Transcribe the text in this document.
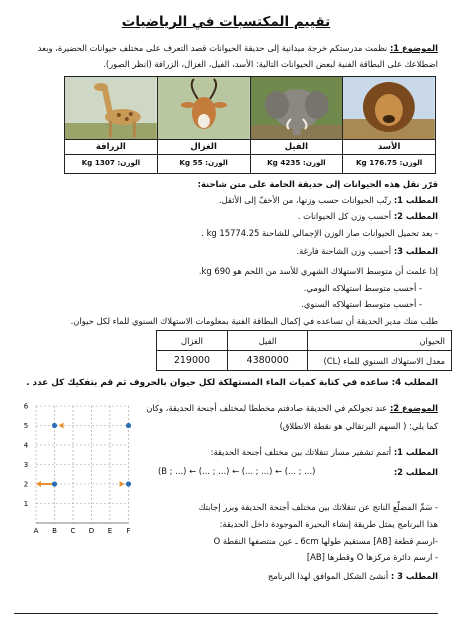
تقييم المكتسبات في الرياضيات
الموضوع 1: نظمت مدرستكم خرجة ميدانية إلى حديقة الحيوانات قصد التعرف على مختلف حيوانات الحضيرة، وبعد
اضطلاعك على البطاقة الفنية لبعض الحيوانات التالية: الأسد، الفيل، الغزال، الزرافة (انظر الصور).
الأسد
الوزن: 176.75 Kg
الفيل
الوزن: 4235 Kg
الغزال
الوزن: 55 Kg
الزرافة
الوزن: 1307 Kg
قرّر نقل هذه الحيوانات إلى حديقة الحامة على متن شاحنة:
المطلب 1: رتّب الحيوانات حسب وزنها، من الأخفّ إلى الأثقل.
المطلب 2: أحسب وزن كل الحيوانات .
- بعد تحميل الحيوانات صار الوزن الإجمالي للشاحنة 15774.25 kg .
المطلب 3: أحسب وزن الشاحنة فارغة.
إذا علمت أن متوسط الاستهلاك الشهري للأسد من اللحم هو 690 kg.
- أحسب متوسط استهلاكه اليومي.
- أحسب متوسط استهلاكه السنوي.
طلب منك مدير الحديقة أن تساعده في إكمال البطاقة الفنية بمعلومات الاستهلاك السنوي للماء لكل حيوان.
الحيوان	الفيل	الغزال
معدل الاستهلاك السنوي للماء (CL)	4380000	219000
المطلب 4: ساعده في كتابة كميات الماء المستهلكة لكل حيوان بالحروف ثم قم بتفكيك كل عدد .
الموضوع 2: عند تجولكم في الحديقة صادفتم مخططا لمختلف أجنحة الحديقة، وكان
كما يلي: ( السهم البرتقالي هو نقطة الانطلاق)
المطلب 1: أتمم تشفير مسار تنقلاتك بين مختلف أجنحة الحديقة:
المطلب 2:
(B ; ...) ← (... ; ...) ← (... ; ...) ← (... ; ...)
- سَمِّ المضلّع الناتج عن تنقلاتك بين مختلف أجنحة الحديقة وبرر إجابتك
هذا البرنامج يمثل طريقة إنشاء البحيرة الموجودة داخل الحديقة:
-ارسم قطعة [AB] مستقيم طولها 6cm ـ عين منتصفها النقطة O
- ارسم دائرة مركزها O وقطرها [AB]
المطلب 3 : أنشئ الشكل الموافق لهذا البرنامج
1
2
3
4
5
6
A B C D E F
